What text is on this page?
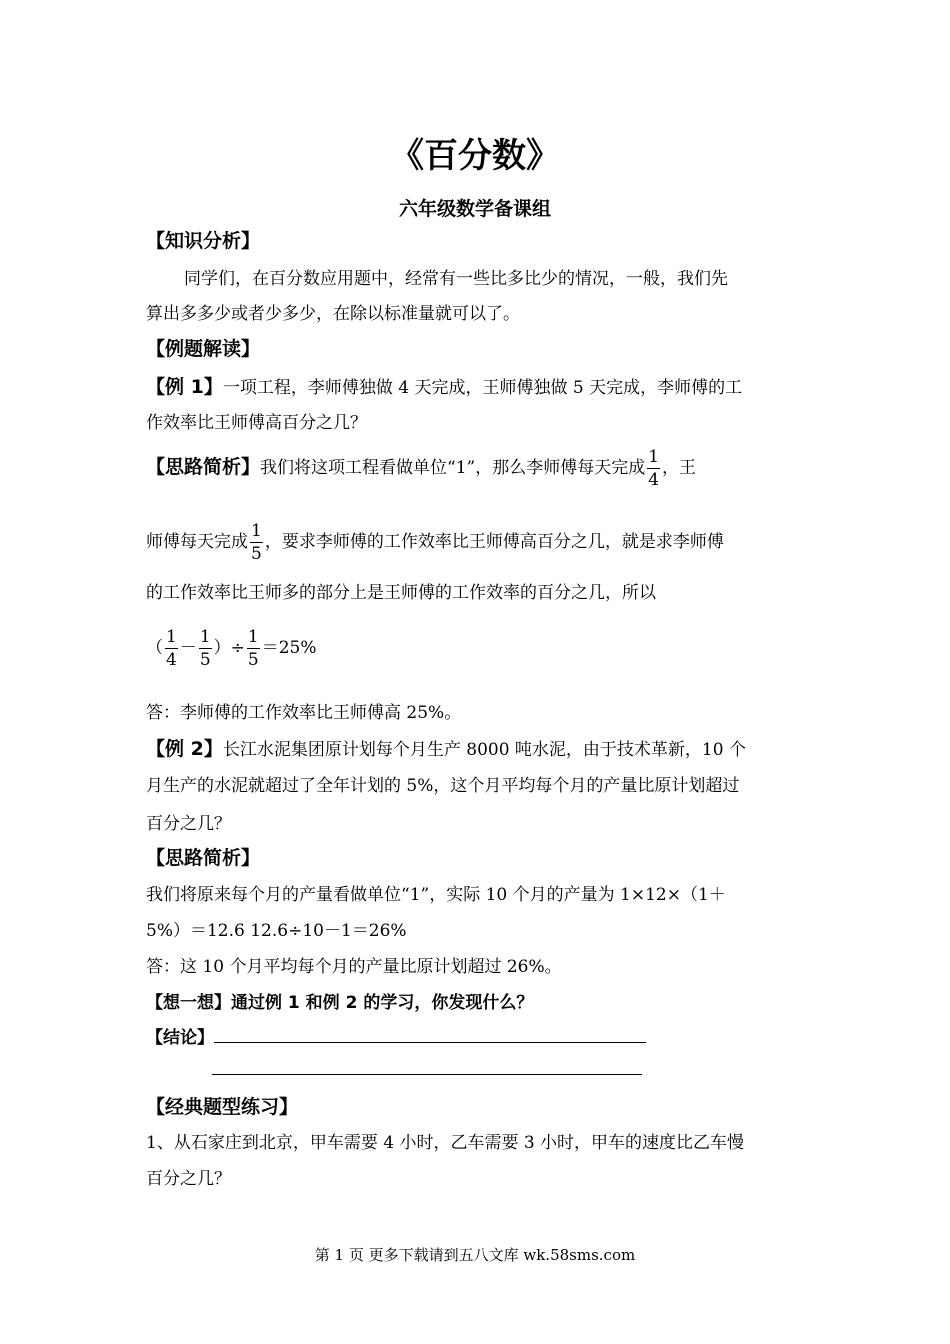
《百分数》
六年级数学备课组
【知识分析】
同学们，在百分数应用题中，经常有一些比多比少的情况，一般，我们先
算出多多少或者少多少，在除以标准量就可以了。
【例题解读】
【例 1】一项工程，李师傅独做 4 天完成，王师傅独做 5 天完成，李师傅的工
作效率比王师傅高百分之几？
【思路简析】我们将这项工程看做单位“1”，那么李师傅每天完成 $\frac{1}{4}$ ，王
师傅每天完成 $\frac{1}{5}$ ，要求李师傅的工作效率比王师傅高百分之几，就是求李师傅
的工作效率比王师多的部分上是王师傅的工作效率的百分之几，所以
（ $\frac{1}{4} - \frac{1}{5}$ ）÷ $\frac{1}{5} =25\%$
答：李师傅的工作效率比王师傅高 25%。
【例 2】长江水泥集团原计划每个月生产 8000 吨水泥，由于技术革新，10 个
月生产的水泥就超过了全年计划的 5%，这个月平均每个月的产量比原计划超过
百分之几？
【思路简析】
我们将原来每个月的产量看做单位“1”，实际 10 个月的产量为 1×12×（1＋
5%）＝12.6 12.6÷10－1＝26%
答：这 10 个月平均每个月的产量比原计划超过 26%。
【想一想】通过例 1 和例 2 的学习，你发现什么？
【结论】
【经典题型练习】
1、从石家庄到北京，甲车需要 4 小时，乙车需要 3 小时，甲车的速度比乙车慢
百分之几？
第 1 页 更多下载请到五八文库 wk.58sms.com
